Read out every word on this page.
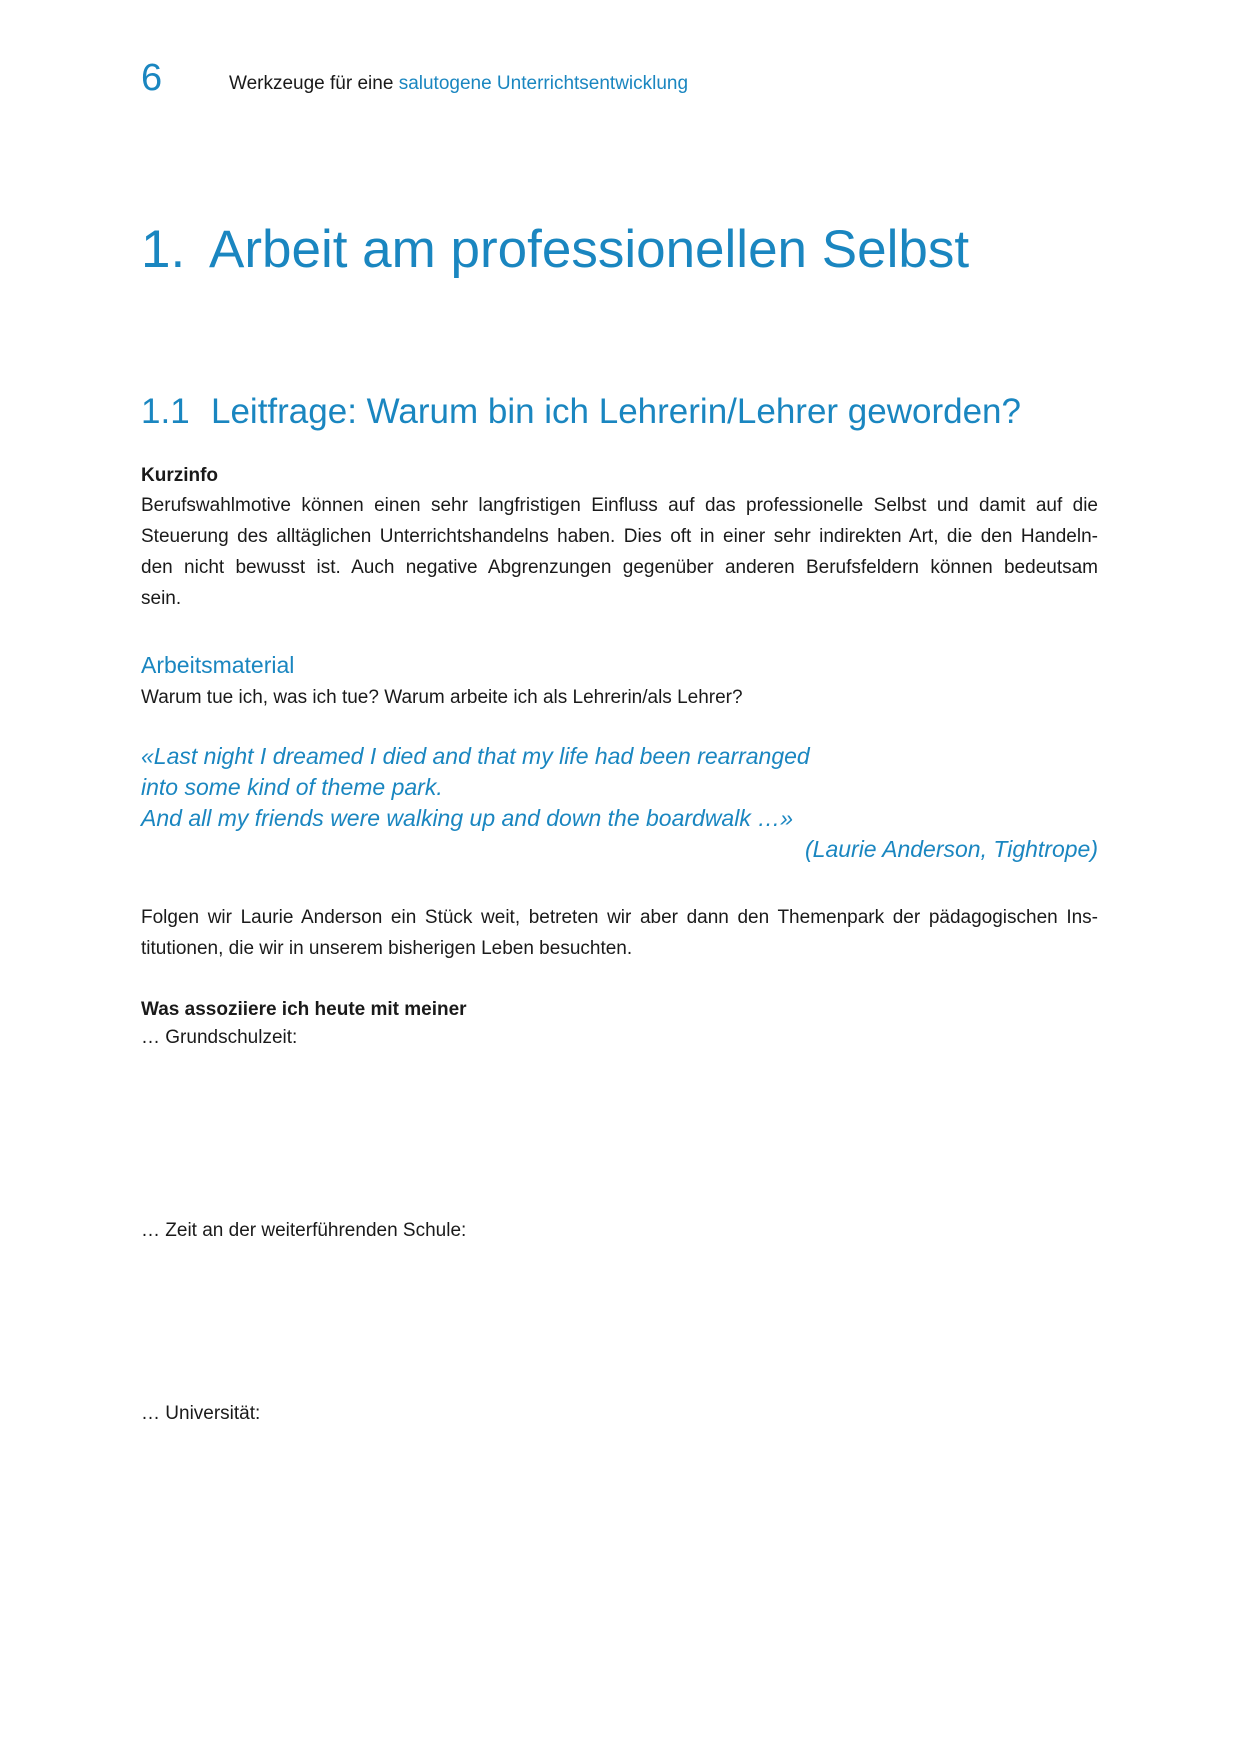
6	Werkzeuge für eine salutogene Unterrichtsentwicklung
1. Arbeit am professionellen Selbst
1.1 Leitfrage: Warum bin ich Lehrerin/Lehrer geworden?
Kurzinfo
Berufswahlmotive können einen sehr langfristigen Einfluss auf das professionelle Selbst und damit auf die
Steuerung des alltäglichen Unterrichtshandelns haben. Dies oft in einer sehr indirekten Art, die den Handeln-
den nicht bewusst ist. Auch negative Abgrenzungen gegenüber anderen Berufsfeldern können bedeutsam
sein.
Arbeitsmaterial
Warum tue ich, was ich tue? Warum arbeite ich als Lehrerin/als Lehrer?
«Last night I dreamed I died and that my life had been rearranged
into some kind of theme park.
And all my friends were walking up and down the boardwalk …»
(Laurie Anderson, Tightrope)
Folgen wir Laurie Anderson ein Stück weit, betreten wir aber dann den Themenpark der pädagogischen Ins-
titutionen, die wir in unserem bisherigen Leben besuchten.
Was assoziiere ich heute mit meiner
… Grundschulzeit:
… Zeit an der weiterführenden Schule:
… Universität:
